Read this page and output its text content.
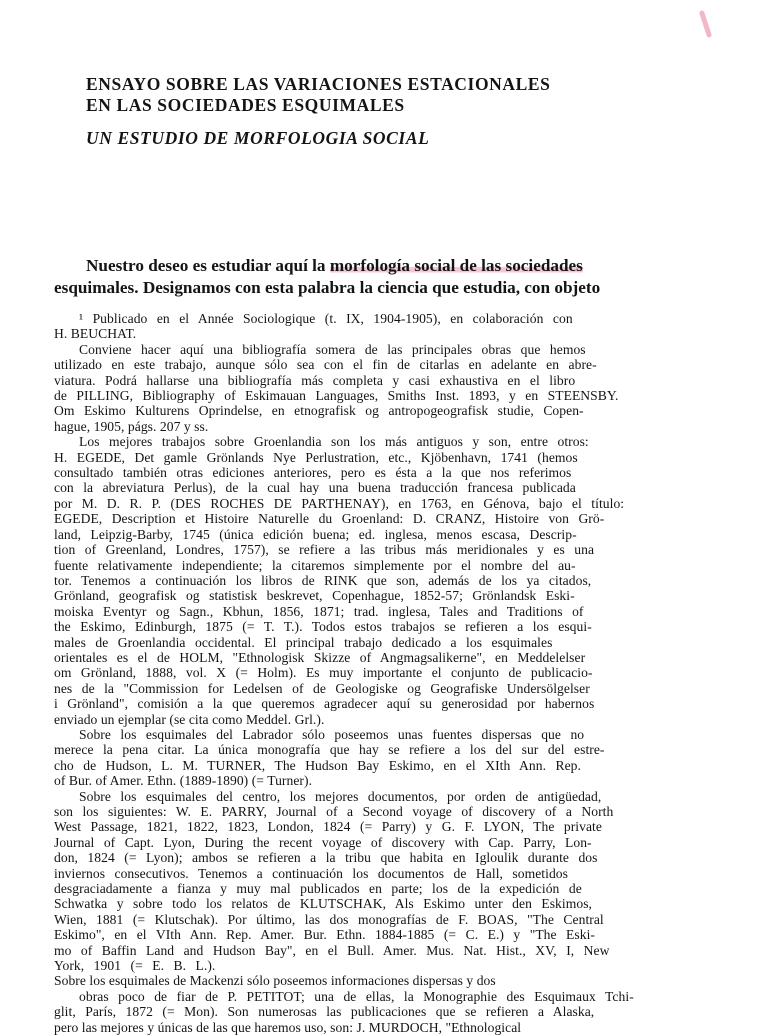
ENSAYO SOBRE LAS VARIACIONES ESTACIONALES
EN LAS SOCIEDADES ESQUIMALES
UN ESTUDIO DE MORFOLOGIA SOCIAL
Nuestro deseo es estudiar aquí la morfología social de las sociedades
esquimales. Designamos con esta palabra la ciencia que estudia, con objeto
¹ Publicado en el Année Sociologique (t. IX, 1904-1905), en colaboración con
H. BEUCHAT.
Conviene hacer aquí una bibliografía somera de las principales obras que hemos
utilizado en este trabajo, aunque sólo sea con el fin de citarlas en adelante en abre-
viatura. Podrá hallarse una bibliografía más completa y casi exhaustiva en el libro
de PILLING, Bibliography of Eskimauan Languages, Smiths Inst. 1893, y en STEENSBY.
Om Eskimo Kulturens Oprindelse, en etnografisk og antropogeografisk studie, Copen-
hague, 1905, págs. 207 y ss.
Los mejores trabajos sobre Groenlandia son los más antiguos y son, entre otros:
H. EGEDE, Det gamle Grönlands Nye Perlustration, etc., Kjöbenhavn, 1741 (hemos
consultado también otras ediciones anteriores, pero es ésta a la que nos referimos
con la abreviatura Perlus), de la cual hay una buena traducción francesa publicada
por M. D. R. P. (DES ROCHES DE PARTHENAY), en 1763, en Génova, bajo el título:
EGEDE, Description et Histoire Naturelle du Groenland: D. CRANZ, Histoire von Grö-
land, Leipzig-Barby, 1745 (única edición buena; ed. inglesa, menos escasa, Descrip-
tion of Greenland, Londres, 1757), se refiere a las tribus más meridionales y es una
fuente relativamente independiente; la citaremos simplemente por el nombre del au-
tor. Tenemos a continuación los libros de RINK que son, además de los ya citados,
Grönland, geografisk og statistisk beskrevet, Copenhague, 1852-57; Grönlandsk Eski-
moiska Eventyr og Sagn., Kbhun, 1856, 1871; trad. inglesa, Tales and Traditions of
the Eskimo, Edinburgh, 1875 (= T. T.). Todos estos trabajos se refieren a los esqui-
males de Groenlandia occidental. El principal trabajo dedicado a los esquimales
orientales es el de HOLM, "Ethnologisk Skizze of Angmagsalikerne", en Meddelelser
om Grönland, 1888, vol. X (= Holm). Es muy importante el conjunto de publicacio-
nes de la "Commission for Ledelsen of de Geologiske og Geografiske Undersölgelser
i Grönland", comisión a la que queremos agradecer aquí su generosidad por habernos
enviado un ejemplar (se cita como Meddel. Grl.).
Sobre los esquimales del Labrador sólo poseemos unas fuentes dispersas que no
merece la pena citar. La única monografía que hay se refiere a los del sur del estre-
cho de Hudson, L. M. TURNER, The Hudson Bay Eskimo, en el XIth Ann. Rep.
of Bur. of Amer. Ethn. (1889-1890) (= Turner).
Sobre los esquimales del centro, los mejores documentos, por orden de antigüedad,
son los siguientes: W. E. PARRY, Journal of a Second voyage of discovery of a North
West Passage, 1821, 1822, 1823, London, 1824 (= Parry) y G. F. LYON, The private
Journal of Capt. Lyon, During the recent voyage of discovery with Cap. Parry, Lon-
don, 1824 (= Lyon); ambos se refieren a la tribu que habita en Igloulik durante dos
inviernos consecutivos. Tenemos a continuación los documentos de Hall, sometidos
desgraciadamente a fianza y muy mal publicados en parte; los de la expedición de
Schwatka y sobre todo los relatos de KLUTSCHAK, Als Eskimo unter den Eskimos,
Wien, 1881 (= Klutschak). Por último, las dos monografías de F. BOAS, "The Central
Eskimo", en el VIth Ann. Rep. Amer. Bur. Ethn. 1884-1885 (= C. E.) y "The Eski-
mo of Baffin Land and Hudson Bay", en el Bull. Amer. Mus. Nat. Hist., XV, I, New
York, 1901 (= E. B. L.).
Sobre los esquimales de Mackenzi sólo poseemos informaciones dispersas y dos
obras poco de fiar de P. PETITOT; una de ellas, la Monographie des Esquimaux Tchi-
glit, París, 1872 (= Mon). Son numerosas las publicaciones que se refieren a Alaska,
pero las mejores y únicas de las que haremos uso, son: J. MURDOCH, "Ethnological
